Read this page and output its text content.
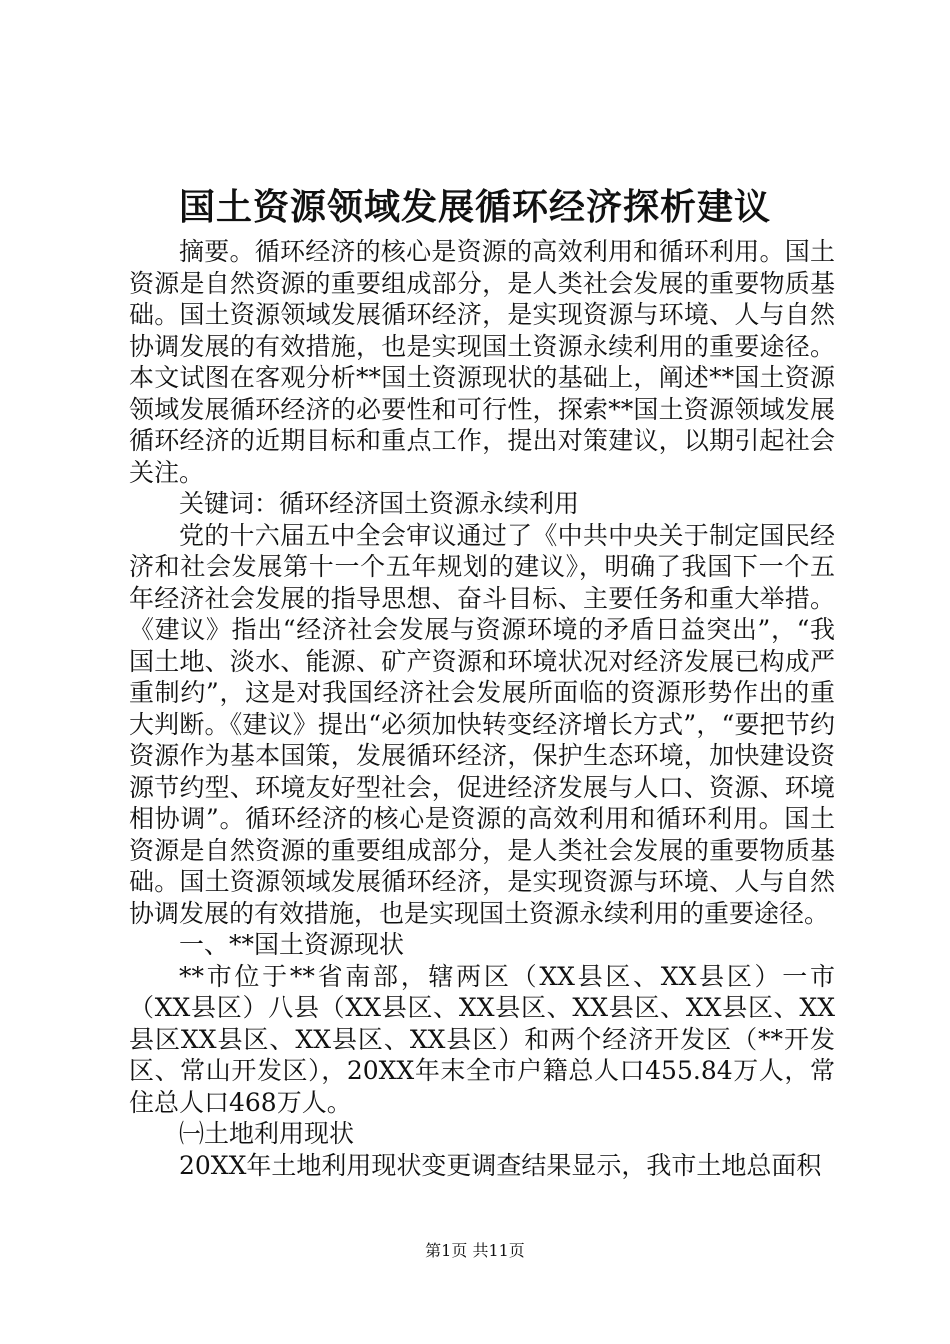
国土资源领域发展循环经济探析建议

摘要。循环经济的核心是资源的高效利用和循环利用。国土资源是自然资源的重要组成部分，是人类社会发展的重要物质基础。国土资源领域发展循环经济，是实现资源与环境、人与自然协调发展的有效措施，也是实现国土资源永续利用的重要途径。本文试图在客观分析**国土资源现状的基础上，阐述**国土资源领域发展循环经济的必要性和可行性，探索**国土资源领域发展循环经济的近期目标和重点工作，提出对策建议，以期引起社会关注。

关键词：循环经济国土资源永续利用

党的十六届五中全会审议通过了《中共中央关于制定国民经济和社会发展第十一个五年规划的建议》，明确了我国下一个五年经济社会发展的指导思想、奋斗目标、主要任务和重大举措。《建议》指出“经济社会发展与资源环境的矛盾日益突出”，“我国土地、淡水、能源、矿产资源和环境状况对经济发展已构成严重制约”，这是对我国经济社会发展所面临的资源形势作出的重大判断。《建议》提出“必须加快转变经济增长方式”，“要把节约资源作为基本国策，发展循环经济，保护生态环境，加快建设资源节约型、环境友好型社会，促进经济发展与人口、资源、环境相协调”。循环经济的核心是资源的高效利用和循环利用。国土资源是自然资源的重要组成部分，是人类社会发展的重要物质基础。国土资源领域发展循环经济，是实现资源与环境、人与自然协调发展的有效措施，也是实现国土资源永续利用的重要途径。

一、**国土资源现状

**市位于**省南部，辖两区（XX县区、XX县区）一市（XX县区）八县（XX县区、XX县区、XX县区、XX县区、XX县区XX县区、XX县区、XX县区）和两个经济开发区（**开发区、常山开发区），20XX年末全市户籍总人口455.84万人，常住总人口468万人。

㈠土地利用现状

20XX年土地利用现状变更调查结果显示，我市土地总面积

第1页 共11页
